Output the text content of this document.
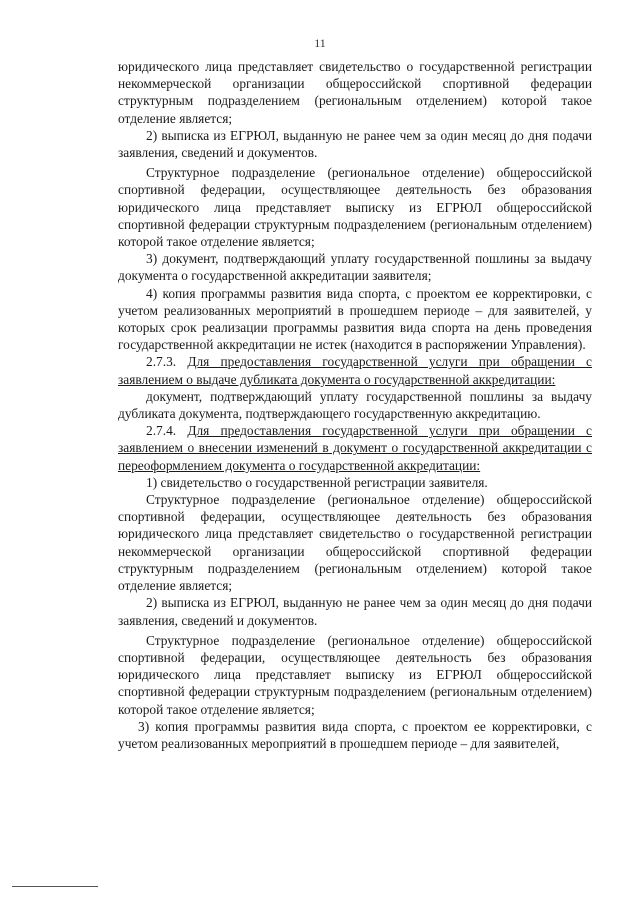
11

юридического лица представляет свидетельство о государственной регистрации некоммерческой организации общероссийской спортивной федерации структурным подразделением (региональным отделением) которой такое отделение является;

2) выписка из ЕГРЮЛ, выданную не ранее чем за один месяц до дня подачи заявления, сведений и документов.

Структурное подразделение (региональное отделение) общероссийской спортивной федерации, осуществляющее деятельность без образования юридического лица представляет выписку из ЕГРЮЛ общероссийской спортивной федерации структурным подразделением (региональным отделением) которой такое отделение является;

3) документ, подтверждающий уплату государственной пошлины за выдачу документа о государственной аккредитации заявителя;

4) копия программы развития вида спорта, с проектом ее корректировки, с учетом реализованных мероприятий в прошедшем периоде – для заявителей, у которых срок реализации программы развития вида спорта на день проведения государственной аккредитации не истек (находится в распоряжении Управления).

2.7.3. Для предоставления государственной услуги при обращении с заявлением о выдаче дубликата документа о государственной аккредитации:

документ, подтверждающий уплату государственной пошлины за выдачу дубликата документа, подтверждающего государственную аккредитацию.

2.7.4. Для предоставления государственной услуги при обращении с заявлением о внесении изменений в документ о государственной аккредитации с переоформлением документа о государственной аккредитации:

1) свидетельство о государственной регистрации заявителя.

Структурное подразделение (региональное отделение) общероссийской спортивной федерации, осуществляющее деятельность без образования юридического лица представляет свидетельство о государственной регистрации некоммерческой организации общероссийской спортивной федерации структурным подразделением (региональным отделением) которой такое отделение является;

2) выписка из ЕГРЮЛ, выданную не ранее чем за один месяц до дня подачи заявления, сведений и документов.

Структурное подразделение (региональное отделение) общероссийской спортивной федерации, осуществляющее деятельность без образования юридического лица представляет выписку из ЕГРЮЛ общероссийской спортивной федерации структурным подразделением (региональным отделением) которой такое отделение является;

3) копия программы развития вида спорта, с проектом ее корректировки, с учетом реализованных мероприятий в прошедшем периоде – для заявителей,
